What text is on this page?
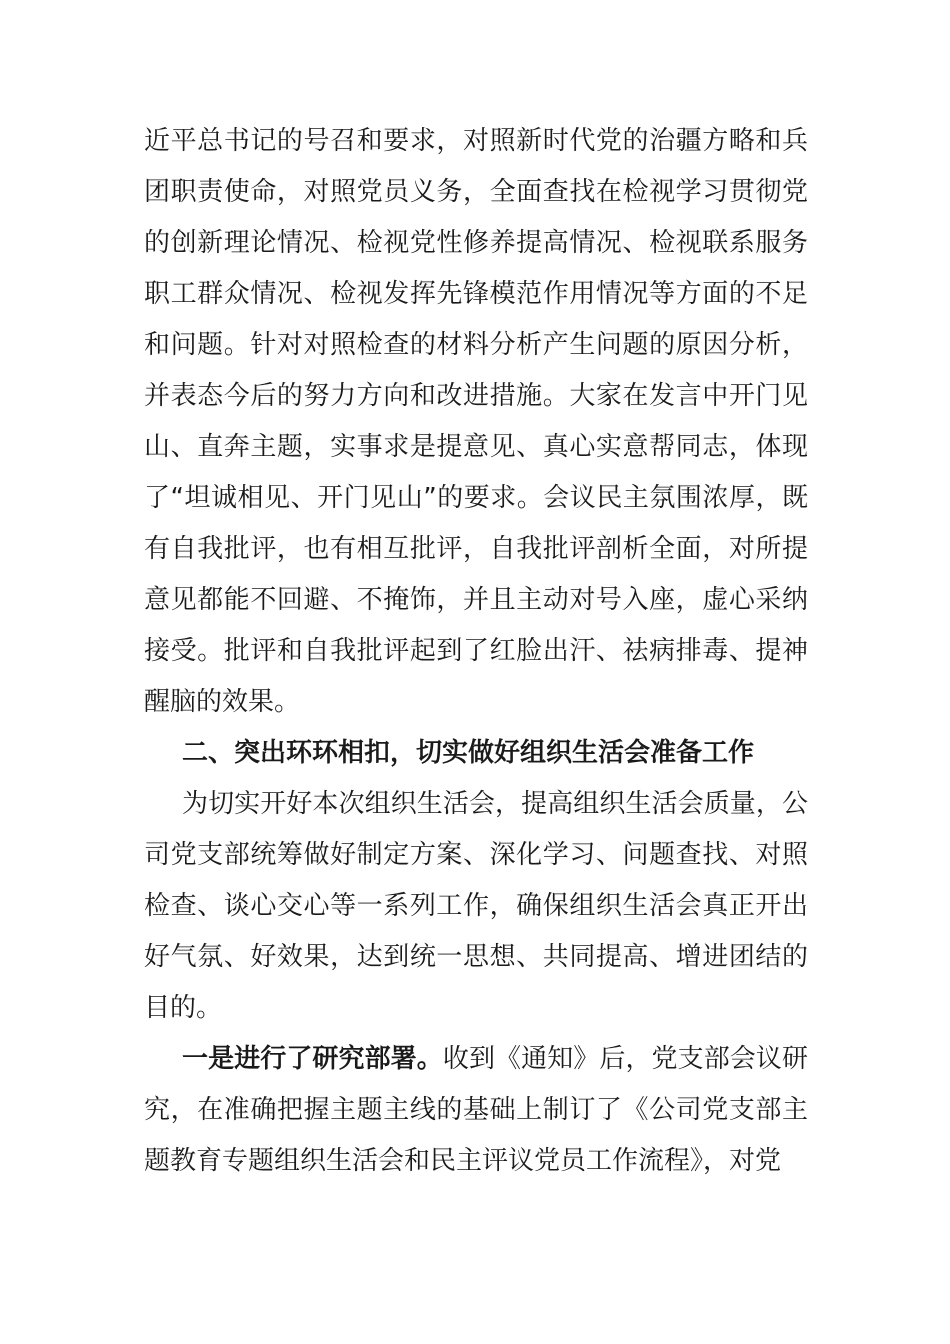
近平总书记的号召和要求，对照新时代党的治疆方略和兵团职责使命，对照党员义务，全面查找在检视学习贯彻党的创新理论情况、检视党性修养提高情况、检视联系服务职工群众情况、检视发挥先锋模范作用情况等方面的不足和问题。针对对照检查的材料分析产生问题的原因分析，并表态今后的努力方向和改进措施。大家在发言中开门见山、直奔主题，实事求是提意见、真心实意帮同志，体现了“坦诚相见、开门见山”的要求。会议民主氛围浓厚，既有自我批评，也有相互批评，自我批评剖析全面，对所提意见都能不回避、不掩饰，并且主动对号入座，虚心采纳接受。批评和自我批评起到了红脸出汗、祛病排毒、提神醒脑的效果。

二、突出环环相扣，切实做好组织生活会准备工作

为切实开好本次组织生活会，提高组织生活会质量，公司党支部统筹做好制定方案、深化学习、问题查找、对照检查、谈心交心等一系列工作，确保组织生活会真正开出好气氛、好效果，达到统一思想、共同提高、增进团结的目的。

一是进行了研究部署。收到《通知》后，党支部会议研究，在准确把握主题主线的基础上制订了《公司党支部主题教育专题组织生活会和民主评议党员工作流程》，对党
